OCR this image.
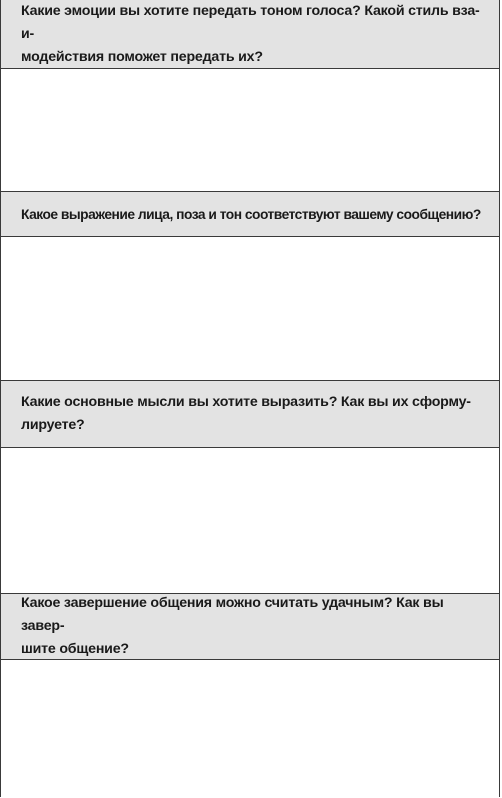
Какие эмоции вы хотите передать тоном голоса? Какой стиль взаи-
модействия поможет передать их?
Какое выражение лица, поза и тон соответствуют вашему сообщению?
Какие основные мысли вы хотите выразить? Как вы их сформу-
лируете?
Какое завершение общения можно считать удачным? Как вы завер-
шите общение?
